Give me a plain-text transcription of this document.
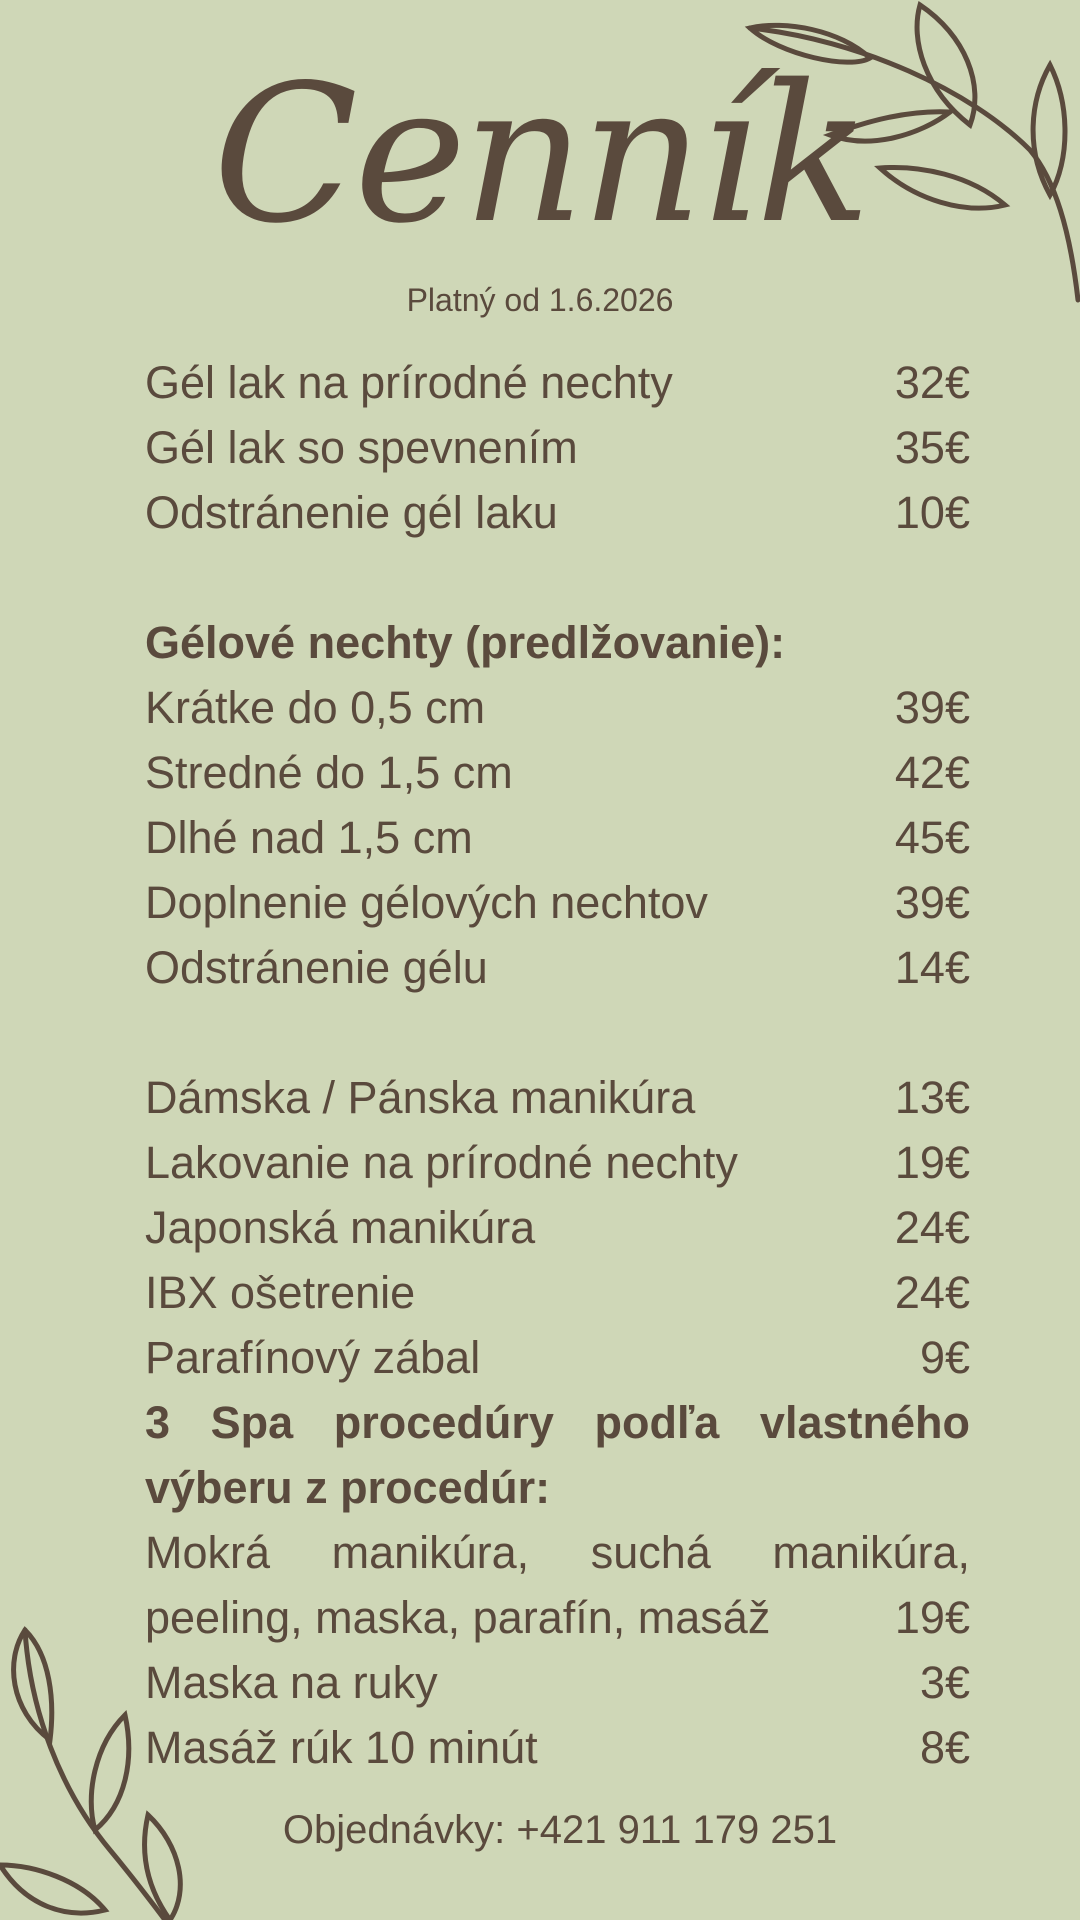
Cenník
Platný od 1.6.2026
Gél lak na prírodné nechty	32€
Gél lak so spevnením	35€
Odstránenie gél laku	10€
Gélové nechty (predlžovanie):
Krátke do 0,5 cm	39€
Stredné do 1,5 cm	42€
Dlhé nad 1,5 cm	45€
Doplnenie gélových nechtov	39€
Odstránenie gélu	14€
Dámska / Pánska manikúra	13€
Lakovanie na prírodné nechty	19€
Japonská manikúra	24€
IBX ošetrenie	24€
Parafínový zábal	9€
3 Spa procedúry podľa vlastného
výberu z procedúr:
Mokrá manikúra, suchá manikúra,
peeling, maska, parafín, masáž	19€
Maska na ruky	3€
Masáž rúk 10 minút	8€
Objednávky: +421 911 179 251
